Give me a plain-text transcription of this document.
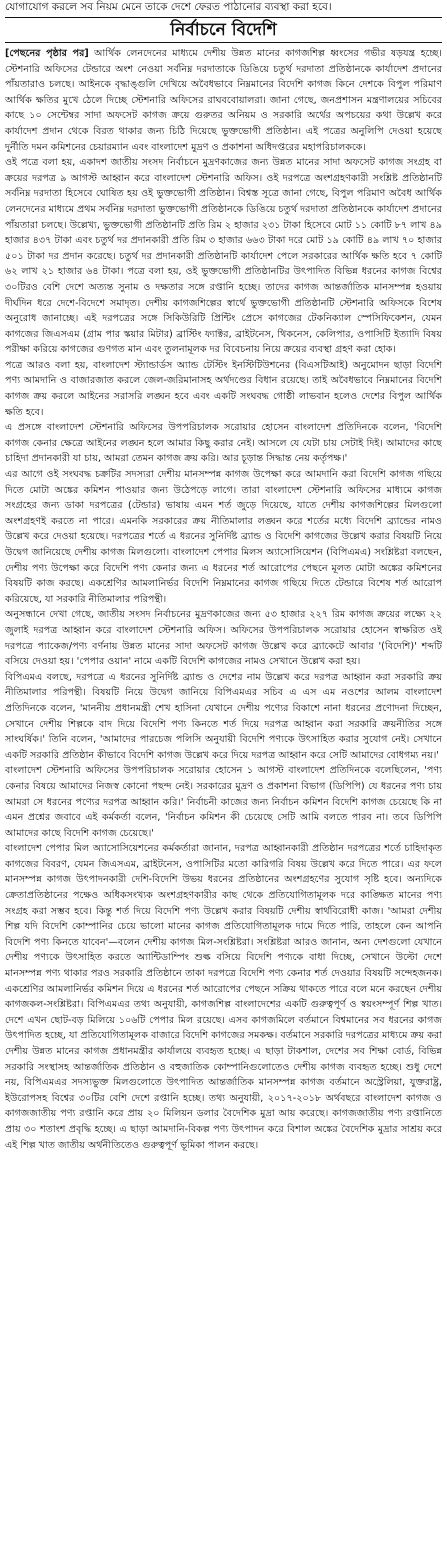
যোগাযোগ করলে সব নিয়ম মেনে তাকে দেশে ফেরত পাঠানোর ব্যবস্থা করা হবে।
নির্বাচনে বিদেশি

[পেছনের পৃষ্ঠার পর] আর্থিক লেনদেনের মাধ্যমে দেশীয় উন্নত মানের কাগজশিল্প ধ্বংসের গভীর ষড়যন্ত্র হচ্ছে। স্টেশনারি অফিসের টেন্ডারে অংশ নেওয়া সর্বনিম্ন দরদাতাকে ডিঙিয়ে চতুর্থ দরদাতা প্রতিষ্ঠানকে কার্যাদেশ প্রদানের পাঁয়তারাও চলছে। আইনকে বৃদ্ধাঙ্গুলি দেখিয়ে অবৈধভাবে নিম্নমানের বিদেশি কাগজ কিনে দেশকে বিপুল পরিমাণ আর্থিক ক্ষতির মুখে ঠেলে দিচ্ছে স্টেশনারি অফিসের রাঘববোয়ালরা। জানা গেছে, জনপ্রশাসন মন্ত্রণালয়ের সচিবের কাছে ১০ সেন্টেম্বর সাদা অফসেট কাগজ ক্রয়ে গুরুতর অনিয়ম ও সরকারি অর্থের অপচয়ের কথা উল্লেখ করে কার্যাদেশ প্রদান থেকে বিরত থাকার জন্য চিঠি দিয়েছে ভুক্তভোগী প্রতিষ্ঠান। এই পত্রের অনুলিপি দেওয়া হয়েছে দুর্নীতি দমন কমিশনের চেয়ারম্যান এবং বাংলাদেশ মুদ্রণ ও প্রকাশনা অধিদপ্তরের মহাপরিচালককে।

ওই পত্রে বলা হয়, একাদশ জাতীয় সংসদ নির্বাচনে মুদ্রণকাজের জন্য উন্নত মানের সাদা অফসেট কাগজ সংগ্রহ বা ক্রয়ের দরপত্র ৯ আগস্ট আহ্বান করে বাংলাদেশ স্টেশনারি অফিস। ওই দরপত্রে অংশগ্রহণকারী সংশ্লিষ্ট প্রতিষ্ঠানটি সর্বনিম্ন দরদাতা হিসেবে ঘোষিত হয় ওই ভুক্তভোগী প্রতিষ্ঠান। বিশ্বস্ত সূত্রে জানা গেছে, বিপুল পরিমাণ অবৈধ আর্থিক লেনদেনের মাধ্যমে প্রথম সর্বনিম্ন দরদাতা ভুক্তভোগী প্রতিষ্ঠানকে ডিঙিয়ে চতুর্থ দরদাতা প্রতিষ্ঠানকে কার্যাদেশ প্রদানের পাঁয়তারা চলছে। উল্লেখ্য, ভুক্তভোগী প্রতিষ্ঠানটি প্রতি রিম ২ হাজার ২৩১ টাকা হিসেবে মোট ১১ কোটি ৮৭ লাখ ৪৯ হাজার ৪৩৭ টাকা এবং চতুর্থ দর প্রদানকারী প্রতি রিম ৩ হাজার ৬৬৩ টাকা দরে মোট ১৯ কোটি ৪৯ লাখ ৭০ হাজার ৫০১ টাকা দর প্রদান করেছে। চতুর্থ দর প্রদানকারী প্রতিষ্ঠানটি কার্যাদেশ পেলে সরকারের আর্থিক ক্ষতি হবে ৭ কোটি ৬২ লাখ ২১ হাজার ৬৪ টাকা। পত্রে বলা হয়, ওই ভুক্তভোগী প্রতিষ্ঠানটির উৎপাদিত বিভিন্ন ধরনের কাগজ বিশ্বের ৩০টিরও বেশি দেশে অত্যন্ত সুনাম ও দক্ষতার সঙ্গে রপ্তানি হচ্ছে। তাদের কাগজ আন্তর্জাতিক মানসম্পন্ন হওয়ায় দীর্ঘদিন ধরে দেশে-বিদেশে সমাদৃত। দেশীয় কাগজশিল্পের স্বার্থে ভুক্তভোগী প্রতিষ্ঠানটি স্টেশনারি অফিসকে বিশেষ অনুরোধ জানাচ্ছে। এই দরপত্রের সঙ্গে সিকিউরিটি প্রিন্টিং প্রেসে কাগজের টেকনিক্যাল স্পেসিফিকেশন, যেমন কাগজের জিএসএম (গ্রাম পার স্কয়ার মিটার) ব্রাস্টিং ফ্যাক্টর, ব্রাইটনেস, থিকনেস, কেলিপার, ওপাসিটি ইত্যাদি বিষয় পরীক্ষা করিয়ে কাগজের গুণগত মান এবং তুলনামূলক দর বিবেচনায় নিয়ে ক্রয়ের ব্যবস্থা গ্রহণ করা হোক।

পত্রে আরও বলা হয়, বাংলাদেশ স্ট্যান্ডার্ডস অ্যান্ড টেস্টিং ইনস্টিটিউশনের (বিএসটিআই) অনুমোদন ছাড়া বিদেশি পণ্য আমদানি ও বাজারজাত করলে জেল-জরিমানাসহ অর্থদণ্ডের বিধান রয়েছে। তাই অবৈধভাবে নিম্নমানের বিদেশি কাগজ ক্রয় করলে আইনের সরাসরি লঙ্ঘন হবে এবং একটি সংঘবদ্ধ গোষ্ঠী লাভবান হলেও দেশের বিপুল আর্থিক ক্ষতি হবে।

এ প্রসঙ্গে বাংলাদেশ স্টেশনারি অফিসের উপপরিচালক সরোয়ার হোসেন বাংলাদেশ প্রতিদিনকে বলেন, 'বিদেশি কাগজ কেনার ক্ষেত্রে আইনের লঙ্ঘন হলে আমার কিছু করার নেই। আসলে যে যেটা চায় সেটাই দিই। আমাদের কাছে চাহিদা প্রদানকারী যা চায়, আমরা তেমন কাগজ ক্রয় করি। আর চূড়ান্ত সিদ্ধান্ত নেয় কর্তৃপক্ষ।'

এর আগে ওই সংঘবদ্ধ চক্রটির সদস্যরা দেশীয় মানসম্পন্ন কাগজ উপেক্ষা করে আমদানি করা বিদেশি কাগজ গছিয়ে দিতে মোটা অঙ্কের কমিশন পাওয়ার জন্য উঠেপড়ে লাগে। তারা বাংলাদেশ স্টেশনারি অফিসের মাধ্যমে কাগজ সংগ্রহের জন্য ডাকা দরপত্রের (টেন্ডার) ভাষায় এমন শর্ত জুড়ে দিয়েছে, যাতে দেশীয় কাগজশিল্পের মিলগুলো অংশগ্রহণই করতে না পারে। এমনকি সরকারের ক্রয় নীতিমালার লঙ্ঘন করে শর্তের মধ্যে বিদেশি ব্র্যান্ডের নামও উল্লেখ করে দেওয়া হয়েছে। দরপত্রের শর্তে এ ধরনের সুনির্দিষ্ট ব্র্যান্ড ও বিদেশি কাগজের উল্লেখ করার বিষয়টি নিয়ে উদ্বেগ জানিয়েছে দেশীয় কাগজ মিলগুলো। বাংলাদেশ পেপার মিলস অ্যাসোসিয়েশন (বিপিএমএ) সংশ্লিষ্টরা বলছেন, দেশীয় পণ্য উপেক্ষা করে বিদেশি পণ্য কেনার জন্য এ ধরনের শর্ত আরোপের পেছনে মূলত মোটা অঙ্কের কমিশনের বিষয়টি কাজ করছে। একশ্রেণির আমলানির্ভর বিদেশি নিম্নমানের কাগজ গছিয়ে দিতে টেন্ডারে বিশেষ শর্ত আরোপ করিয়েছে, যা সরকারি নীতিমালার পরিপন্থী।

অনুসন্ধানে দেখা গেছে, জাতীয় সংসদ নির্বাচনের মুদ্রণকাজের জন্য ৫৩ হাজার ২২৭ রিম কাগজ ক্রয়ের লক্ষ্যে ২২ জুলাই দরপত্র আহ্বান করে বাংলাদেশ স্টেশনারি অফিস। অফিসের উপপরিচালক সরোয়ার হোসেন স্বাক্ষরিত ওই দরপত্রে প্যাকেজ/পণ্য বর্ণনায় উন্নত মানের সাদা অফসেট কাগজ উল্লেখ করে ব্র্যাকেটে আবার '(বিদেশি)' শব্দটি বসিয়ে দেওয়া হয়। 'পেপার ওয়ান' নামে একটি বিদেশি কাগজের নামও সেখানে উল্লেখ করা হয়।

বিপিএমএ বলছে, দরপত্রে এ ধরনের সুনির্দিষ্ট ব্র্যান্ড ও দেশের নাম উল্লেখ করে দরপত্র আহ্বান করা সরকারি ক্রয় নীতিমালার পরিপন্থী। বিষয়টি নিয়ে উদ্বেগ জানিয়ে বিপিএমএর সচিব এ এস এম নওশের আলম বাংলাদেশ প্রতিদিনকে বলেন, 'মাননীয় প্রধানমন্ত্রী শেখ হাসিনা যেখানে দেশীয় পণ্যের বিকাশে নানা ধরনের প্রণোদনা দিচ্ছেন, সেখানে দেশীয় শিল্পকে বাদ দিয়ে বিদেশি পণ্য কিনতে শর্ত দিয়ে দরপত্র আহ্বান করা সরকারি ক্রয়নীতির সঙ্গে সাংঘর্ষিক।' তিনি বলেন, 'আমাদের পারচেজ পলিসি অনুযায়ী বিদেশি পণ্যকে উৎসাহিত করার সুযোগ নেই। সেখানে একটি সরকারি প্রতিষ্ঠান কীভাবে বিদেশি কাগজ উল্লেখ করে দিয়ে দরপত্র আহ্বান করে সেটি আমাদের বোধগম্য নয়।'

বাংলাদেশ স্টেশনারি অফিসের উপপরিচালক সরোয়ার হোসেন ১ আগস্ট বাংলাদেশ প্রতিদিনকে বলেছিলেন, 'পণ্য কেনার বিষয়ে আমাদের নিজস্ব কোনো পছন্দ নেই। সরকারের মুদ্রণ ও প্রকাশনা বিভাগ (ডিপিপি) যে ধরনের পণ্য চায় আমরা সে ধরনের পণ্যের দরপত্র আহ্বান করি।' নির্বাচনী কাজের জন্য নির্বাচন কমিশন বিদেশি কাগজ চেয়েছে কি না এমন প্রশ্নের জবাবে এই কর্মকর্তা বলেন, 'নির্বাচন কমিশন কী চেয়েছে সেটি আমি বলতে পারব না। তবে ডিপিপি আমাদের কাছে বিদেশি কাগজ চেয়েছে।'

বাংলাদেশ পেপার মিল অ্যাসোসিয়েশনের কর্মকর্তারা জানান, দরপত্র আহ্বানকারী প্রতিষ্ঠান দরপত্রের শর্তে চাহিদাকৃত কাগজের বিবরণ, যেমন জিএসএম, ব্রাইটনেস, ওপাসিটির মতো কারিগরি বিষয় উল্লেখ করে দিতে পারে। এর ফলে মানসম্পন্ন কাগজ উৎপাদনকারী দেশি-বিদেশি উভয় ধরনের প্রতিষ্ঠানের অংশগ্রহণের সুযোগ সৃষ্টি হবে। অন্যদিকে ক্রেতাপ্রতিষ্ঠানের পক্ষেও অধিকসংখ্যক অংশগ্রহণকারীর কাছ থেকে প্রতিযোগিতামূলক দরে কাঙ্ক্ষিত মানের পণ্য সংগ্রহ করা সম্ভব হবে। কিন্তু শর্ত দিয়ে বিদেশি পণ্য উল্লেখ করার বিষয়টি দেশীয় স্বার্থবিরোধী কাজ। 'আমরা দেশীয় শিল্প যদি বিদেশি কোম্পানির চেয়ে ভালো মানের কাগজ প্রতিযোগিতামূলক দামে দিতে পারি, তাহলে কেন আপনি বিদেশি পণ্য কিনতে যাবেন'—বলেন দেশীয় কাগজ মিল-সংশ্লিষ্টরা। সংশ্লিষ্টরা আরও জানান, অন্য দেশগুলো যেখানে দেশীয় পণ্যকে উৎসাহিত করতে অ্যান্টিডাম্পিং শুল্ক বসিয়ে বিদেশি পণ্যকে বাধা দিচ্ছে, সেখানে উল্টো দেশে মানসম্পন্ন পণ্য থাকার পরও সরকারি প্রতিষ্ঠানে তাকা দরপত্রে বিদেশি পণ্য কেনার শর্ত দেওয়ার বিষয়টি সন্দেহজনক। একশ্রেণির আমলানির্ভর কমিশন দিয়ে এ ধরনের শর্ত আরোপের পেছনে সক্রিয় থাকতে পারে বলে মনে করছেন দেশীয় কাগজকল-সংশ্লিষ্টরা। বিপিএমএর তথ্য অনুযায়ী, কাগজশিল্প বাংলাদেশের একটি গুরুত্বপূর্ণ ও স্বয়ংসম্পূর্ণ শিল্প খাত। দেশে এখন ছোট-বড় মিলিয়ে ১০৬টি পেপার মিল রয়েছে। এসব কাগজমিলে বর্তমানে বিশ্বমানের সব ধরনের কাগজ উৎপাদিত হচ্ছে, যা প্রতিযোগিতামূলক বাজারে বিদেশি কাগজের সমকক্ষ। বর্তমানে সরকারি দরপত্রের মাধ্যমে ক্রয় করা দেশীয় উন্নত মানের কাগজ প্রধানমন্ত্রীর কার্যালয়ে ব্যবহৃত হচ্ছে। এ ছাড়া টাকশাল, দেশের সব শিক্ষা বোর্ড, বিভিন্ন সরকারি সংস্থাসহ আন্তর্জাতিক প্রতিষ্ঠান ও বহুজাতিক কোম্পানিগুলোতেও দেশীয় কাগজ ব্যবহৃত হচ্ছে। শুধু দেশে নয়, বিপিএমএর সদস্যভুক্ত মিলগুলোতে উৎপাদিত আন্তর্জাতিক মানসম্পন্ন কাগজ বর্তমানে অস্ট্রেলিয়া, যুক্তরাষ্ট্র, ইউরোপসহ বিশ্বের ৩০টির বেশি দেশে রপ্তানি হচ্ছে। তথ্য অনুযায়ী, ২০১৭-২০১৮ অর্থবছরে বাংলাদেশ কাগজ ও কাগজজাতীয় পণ্য রপ্তানি করে প্রায় ২০ মিলিয়ন ডলার বৈদেশিক মুদ্রা আয় করেছে। কাগজজাতীয় পণ্য রপ্তানিতে প্রায় ৩০ শতাংশ প্রবৃদ্ধি হচ্ছে। এ ছাড়া আমদানি-বিকল্প পণ্য উৎপাদন করে বিশাল অঙ্কের বৈদেশিক মুদ্রার সাশ্রয় করে এই শিল্প খাত জাতীয় অর্থনীতিতেও গুরুত্বপূর্ণ ভূমিকা পালন করছে।
